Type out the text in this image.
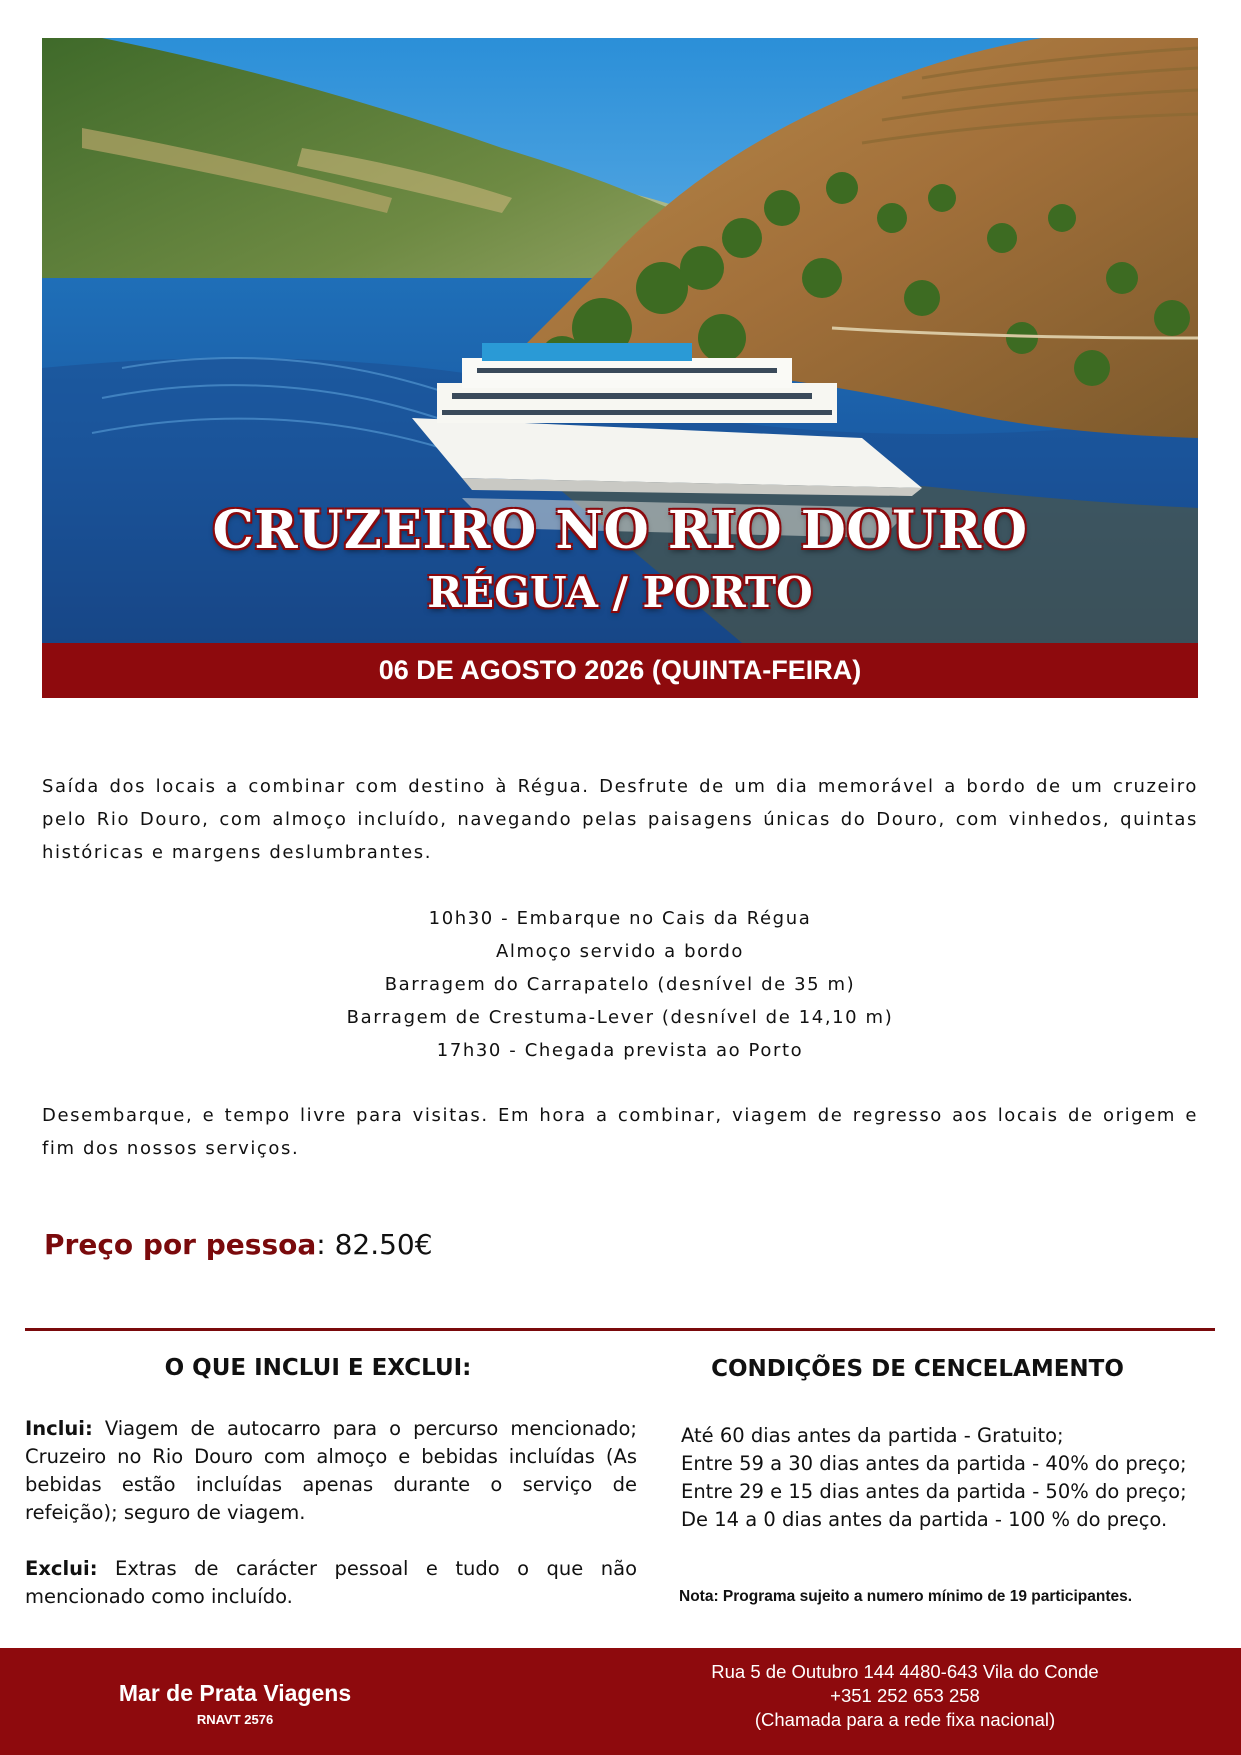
CRUZEIRO NO RIO DOURO
RÉGUA / PORTO
06 DE AGOSTO 2026 (QUINTA-FEIRA)
Saída dos locais a combinar com destino à Régua. Desfrute de um dia memorável a bordo de um cruzeiro pelo Rio Douro, com almoço incluído, navegando pelas paisagens únicas do Douro, com vinhedos, quintas históricas e margens deslumbrantes.
10h30 - Embarque no Cais da Régua
Almoço servido a bordo
Barragem do Carrapatelo (desnível de 35 m)
Barragem de Crestuma-Lever (desnível de 14,10 m)
17h30 - Chegada prevista ao Porto
Desembarque, e tempo livre para visitas. Em hora a combinar, viagem de regresso aos locais de origem e fim dos nossos serviços.
Preço por pessoa: 82.50€
O QUE INCLUI E EXCLUI:

Inclui: Viagem de autocarro para o percurso mencionado; Cruzeiro no Rio Douro com almoço e bebidas incluídas (As bebidas estão incluídas apenas durante o serviço de refeição); seguro de viagem.

Exclui: Extras de carácter pessoal e tudo o que não mencionado como incluído.

CONDIÇÕES DE CENCELAMENTO
Até 60 dias antes da partida - Gratuito;
Entre 59 a 30 dias antes da partida - 40% do preço;
Entre 29 e 15 dias antes da partida - 50% do preço;
De 14 a 0 dias antes da partida - 100 % do preço.
Nota: Programa sujeito a numero mínimo de 19 participantes.
Mar de Prata Viagens
RNAVT 2576
Rua 5 de Outubro 144 4480-643 Vila do Conde
+351 252 653 258
(Chamada para a rede fixa nacional)
